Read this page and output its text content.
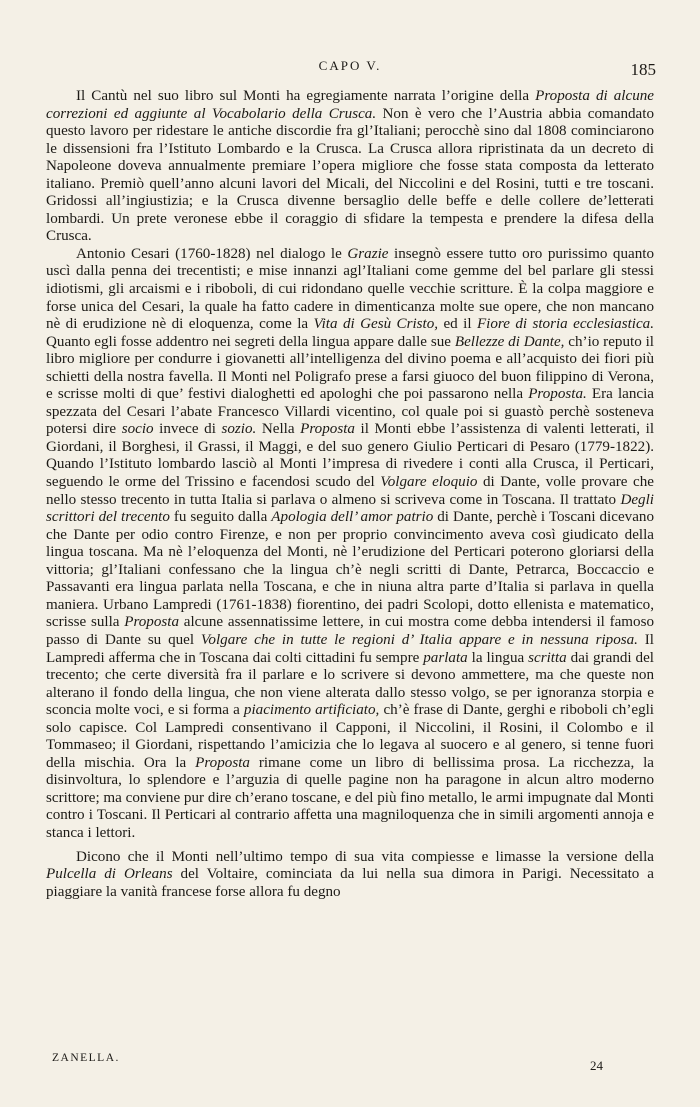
CAPO V.	185

Il Cantù nel suo libro sul Monti ha egregiamente narrata l’origine della Proposta di alcune correzioni ed aggiunte al Vocabolario della Crusca. Non è vero che l’Austria abbia comandato questo lavoro per ridestare le antiche discordie fra gl’Italiani; perocchè sino dal 1808 cominciarono le dissensioni fra l’Istituto Lombardo e la Crusca. La Crusca allora ripristinata da un decreto di Napoleone doveva annualmente premiare l’opera migliore che fosse stata composta da letterato italiano. Premiò quell’anno alcuni lavori del Micali, del Niccolini e del Rosini, tutti e tre toscani. Gridossi all’ingiustizia; e la Crusca divenne bersaglio delle beffe e delle collere de’letterati lombardi. Un prete veronese ebbe il coraggio di sfidare la tempesta e prendere la difesa della Crusca.

Antonio Cesari (1760-1828) nel dialogo le Grazie insegnò essere tutto oro purissimo quanto uscì dalla penna dei trecentisti; e mise innanzi agl’Italiani come gemme del bel parlare gli stessi idiotismi, gli arcaismi e i riboboli, di cui ridondano quelle vecchie scritture. È la colpa maggiore e forse unica del Cesari, la quale ha fatto cadere in dimenticanza molte sue opere, che non mancano nè di erudizione nè di eloquenza, come la Vita di Gesù Cristo, ed il Fiore di storia ecclesiastica. Quanto egli fosse addentro nei segreti della lingua appare dalle sue Bellezze di Dante, ch’io reputo il libro migliore per condurre i giovanetti all’intelligenza del divino poema e all’acquisto dei fiori più schietti della nostra favella. Il Monti nel Poligrafo prese a farsi giuoco del buon filippino di Verona, e scrisse molti di que’ festivi dialoghetti ed apologhi che poi passarono nella Proposta. Era lancia spezzata del Cesari l’abate Francesco Villardi vicentino, col quale poi si guastò perchè sosteneva potersi dire socio invece di sozio. Nella Proposta il Monti ebbe l’assistenza di valenti letterati, il Giordani, il Borghesi, il Grassi, il Maggi, e del suo genero Giulio Perticari di Pesaro (1779-1822). Quando l’Istituto lombardo lasciò al Monti l’impresa di rivedere i conti alla Crusca, il Perticari, seguendo le orme del Trissino e facendosi scudo del Volgare eloquio di Dante, volle provare che nello stesso trecento in tutta Italia si parlava o almeno si scriveva come in Toscana. Il trattato Degli scrittori del trecento fu seguito dalla Apologia dell’ amor patrio di Dante, perchè i Toscani dicevano che Dante per odio contro Firenze, e non per proprio convincimento aveva così giudicato della lingua toscana. Ma nè l’eloquenza del Monti, nè l’erudizione del Perticari poterono gloriarsi della vittoria; gl’Italiani confessano che la lingua ch’è negli scritti di Dante, Petrarca, Boccaccio e Passavanti era lingua parlata nella Toscana, e che in niuna altra parte d’Italia si parlava in quella maniera. Urbano Lampredi (1761-1838) fiorentino, dei padri Scolopi, dotto ellenista e matematico, scrisse sulla Proposta alcune assennatissime lettere, in cui mostra come debba intendersi il famoso passo di Dante su quel Volgare che in tutte le regioni d’ Italia appare e in nessuna riposa. Il Lampredi afferma che in Toscana dai colti cittadini fu sempre parlata la lingua scritta dai grandi del trecento; che certe diversità fra il parlare e lo scrivere si devono ammettere, ma che queste non alterano il fondo della lingua, che non viene alterata dallo stesso volgo, se per ignoranza storpia e sconcia molte voci, e si forma a piacimento artificiato, ch’è frase di Dante, gerghi e riboboli ch’egli solo capisce. Col Lampredi consentivano il Capponi, il Niccolini, il Rosini, il Colombo e il Tommaseo; il Giordani, rispettando l’amicizia che lo legava al suocero e al genero, si tenne fuori della mischia. Ora la Proposta rimane come un libro di bellissima prosa. La ricchezza, la disinvoltura, lo splendore e l’arguzia di quelle pagine non ha paragone in alcun altro moderno scrittore; ma conviene pur dire ch’erano toscane, e del più fino metallo, le armi impugnate dal Monti contro i Toscani. Il Perticari al contrario affetta una magniloquenza che in simili argomenti annoja e stanca i lettori.

Dicono che il Monti nell’ultimo tempo di sua vita compiesse e limasse la versione della Pulcella di Orleans del Voltaire, cominciata da lui nella sua dimora in Parigi. Necessitato a piaggiare la vanità francese forse allora fu degno

ZANELLA.	24
